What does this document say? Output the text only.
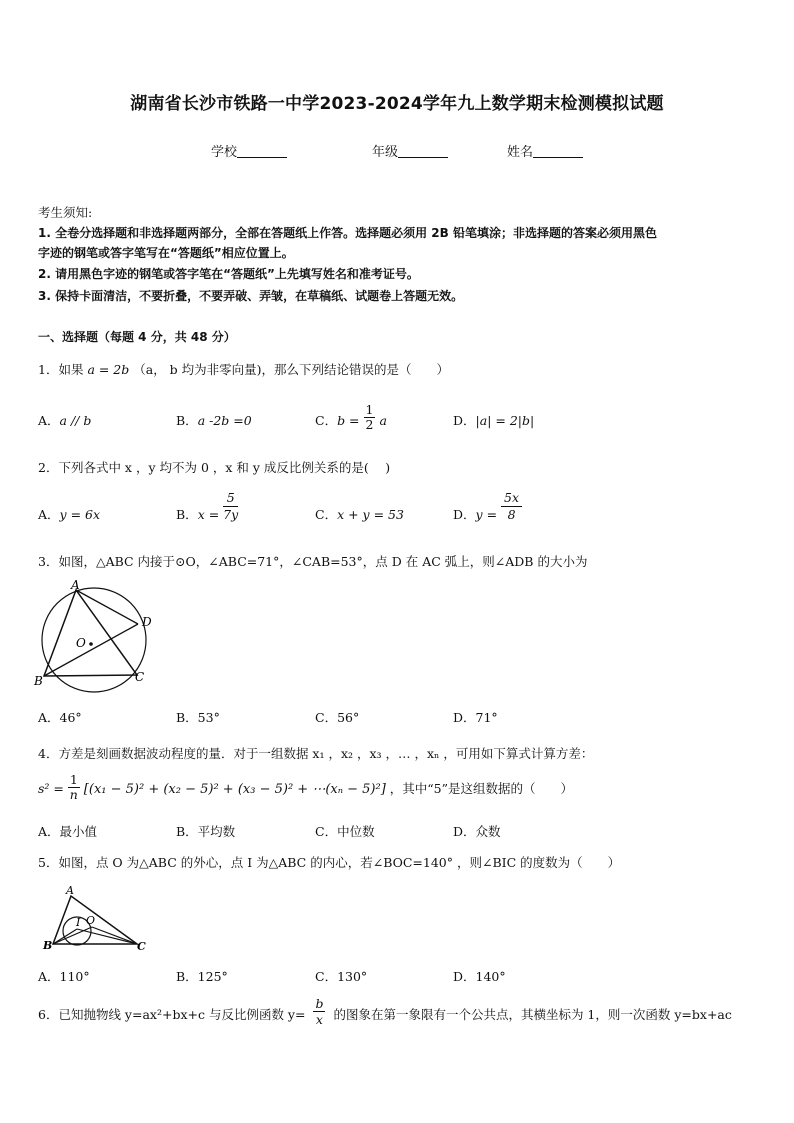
湖南省长沙市铁路一中学2023-2024学年九上数学期末检测模拟试题
学校	年级	姓名
考生须知:
1. 全卷分选择题和非选择题两部分，全部在答题纸上作答。选择题必须用 2B 铅笔填涂；非选择题的答案必须用黑色
字迹的钢笔或答字笔写在“答题纸”相应位置上。
2. 请用黑色字迹的钢笔或答字笔在“答题纸”上先填写姓名和准考证号。
3. 保持卡面清洁，不要折叠，不要弄破、弄皱，在草稿纸、试题卷上答题无效。
一、选择题（每题 4 分，共 48 分）
1．如果 a = 2b （a， b 均为非零向量)，那么下列结论错误的是（　　）
A．a // b	B．a -2b =0	C．$b = \frac{1}{2}$ a	D．|a| = 2|b|
2．下列各式中 x ，y 均不为 0 ，x 和 y 成反比例关系的是(　 )
A．y = 6x	B．$x = \frac{5}{7y}$	C．x + y = 53	D．$y = \frac{5x}{8}$
3．如图，△ABC 内接于⊙O，∠ABC=71°，∠CAB=53°，点 D 在 AC 弧上，则∠ADB 的大小为
A
B	C
D
O
A．46°	B．53°	C．56°	D．71°
4．方差是刻画数据波动程度的量．对于一组数据 x₁ ，x₂ ，x₃ ，… ，xₙ ，可用如下算式计算方差：
$s^2 = \frac{1}{n} [(x_1 - 5)^2 + (x_2 - 5)^2 + (x_3 - 5)^2$ + ⋯(xₙ − 5)²] ，其中“5”是这组数据的（　　）
A．最小值	B．平均数	C．中位数	D．众数
5．如图，点 O 为△ABC 的外心，点 I 为△ABC 的内心，若∠BOC=140° ，则∠BIC 的度数为（　　）
A
B	C
I O
A．110°	B．125°	C．130°	D．140°
6．已知抛物线 y=ax²+bx+c 与反比例函数 $y= \frac{b}{x}$ 的图象在第一象限有一个公共点，其横坐标为 1，则一次函数 y=bx+ac
